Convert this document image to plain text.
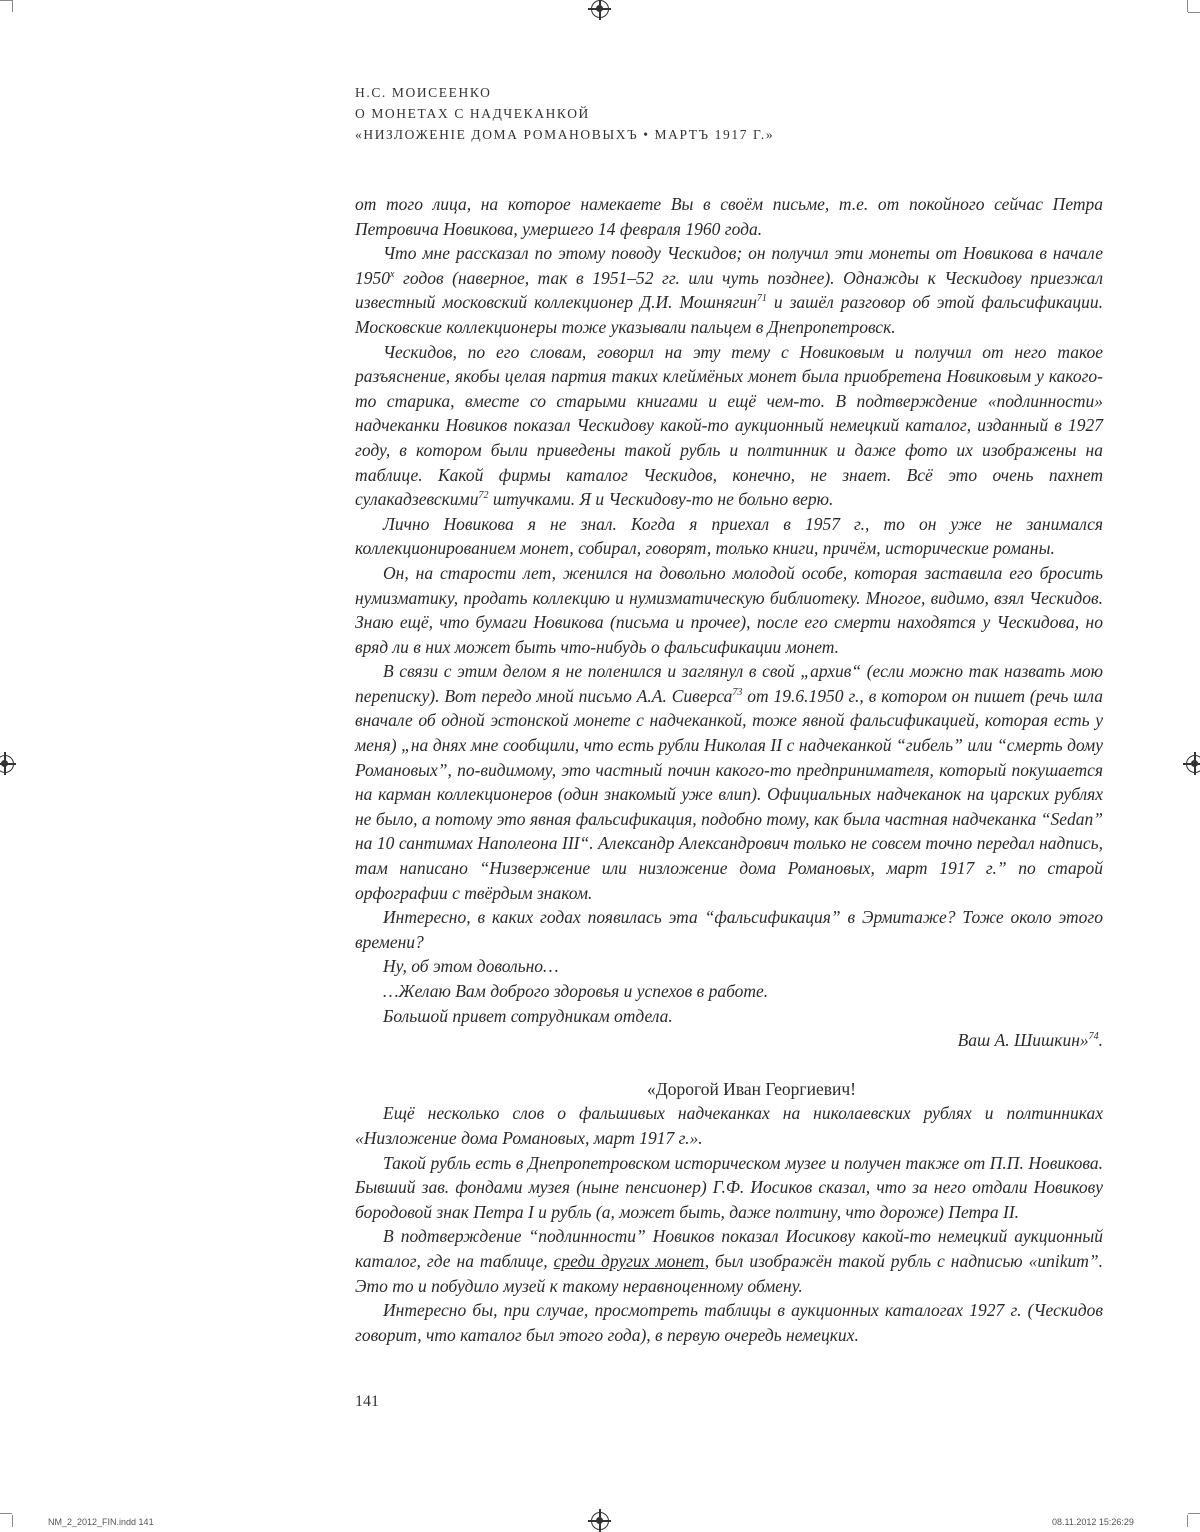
Н.С. МОИСЕЕНКО
О МОНЕТАХ С НАДЧЕКАНКОЙ
«НИЗЛОЖЕНIЕ ДОМА РОМАНОВЫХЪ • МАРТЪ 1917 Г.»

от того лица, на которое намекаете Вы в своём письме, т.е. от покойного сейчас Петра Петровича Новикова, умершего 14 февраля 1960 года.

Что мне рассказал по этому поводу Ческидов; он получил эти монеты от Новикова в начале $1950^х$ годов (наверное, так в 1951–52 гг. или чуть позднее). Однажды к Ческидову приезжал известный московский коллекционер Д.И. Мошнягин$^{71}$ и зашёл разговор об этой фальсификации. Московские коллекционеры тоже указывали пальцем в Днепропетровск.

Ческидов, по его словам, говорил на эту тему с Новиковым и получил от него такое разъяснение, якобы целая партия таких клеймёных монет была приобретена Новиковым у какого-то старика, вместе со старыми книгами и ещё чем-то. В подтверждение «подлинности» надчеканки Новиков показал Ческидову какой-то аукционный немецкий каталог, изданный в 1927 году, в котором были приведены такой рубль и полтинник и даже фото их изображены на таблице. Какой фирмы каталог Ческидов, конечно, не знает. Всё это очень пахнет сулакадзевскими$^{72}$ штучками. Я и Ческидову-то не больно верю.

Лично Новикова я не знал. Когда я приехал в 1957 г., то он уже не занимался коллекционированием монет, собирал, говорят, только книги, причём, исторические романы.

Он, на старости лет, женился на довольно молодой особе, которая заставила его бросить нумизматику, продать коллекцию и нумизматическую библиотеку. Многое, видимо, взял Ческидов. Знаю ещё, что бумаги Новикова (письма и прочее), после его смерти находятся у Ческидова, но вряд ли в них может быть что-нибудь о фальсификации монет.

В связи с этим делом я не поленился и заглянул в свой „архив“ (если можно так назвать мою переписку). Вот передо мной письмо А.А. Сиверса$^{73}$ от 19.6.1950 г., в котором он пишет (речь шла вначале об одной эстонской монете с надчеканкой, тоже явной фальсификацией, которая есть у меня) „на днях мне сообщили, что есть рубли Николая II с надчеканкой “гибель” или “смерть дому Романовых”, по-видимому, это частный почин какого-то предпринимателя, который покушается на карман коллекционеров (один знакомый уже влип). Официальных надчеканок на царских рублях не было, а потому это явная фальсификация, подобно тому, как была частная надчеканка “Sedan” на 10 сантимах Наполеона III“. Александр Александрович только не совсем точно передал надпись, там написано “Низвержение или низложение дома Романовых, март 1917 г.” по старой орфографии с твёрдым знаком.

Интересно, в каких годах появилась эта “фальсификация” в Эрмитаже? Тоже около этого времени?

Ну, об этом довольно…

…Желаю Вам доброго здоровья и успехов в работе.

Большой привет сотрудникам отдела.

Ваш А. Шишкин»$^{74}$.

«Дорогой Иван Георгиевич!

Ещё несколько слов о фальшивых надчеканках на николаевских рублях и полтинниках «Низложение дома Романовых, март 1917 г.».

Такой рубль есть в Днепропетровском историческом музее и получен также от П.П. Новикова. Бывший зав. фондами музея (ныне пенсионер) Г.Ф. Иосиков сказал, что за него отдали Новикову бородовой знак Петра I и рубль (а, может быть, даже полтину, что дороже) Петра II.

В подтверждение “подлинности” Новиков показал Иосикову какой-то немецкий аукционный каталог, где на таблице, среди других монет, был изображён такой рубль с надписью «unikum”. Это то и побудило музей к такому неравноценному обмену.

Интересно бы, при случае, просмотреть таблицы в аукционных каталогах 1927 г. (Ческидов говорит, что каталог был этого года), в первую очередь немецких.

141
NM_2_2012_FIN.indd 141	08.11.2012 15:26:29
